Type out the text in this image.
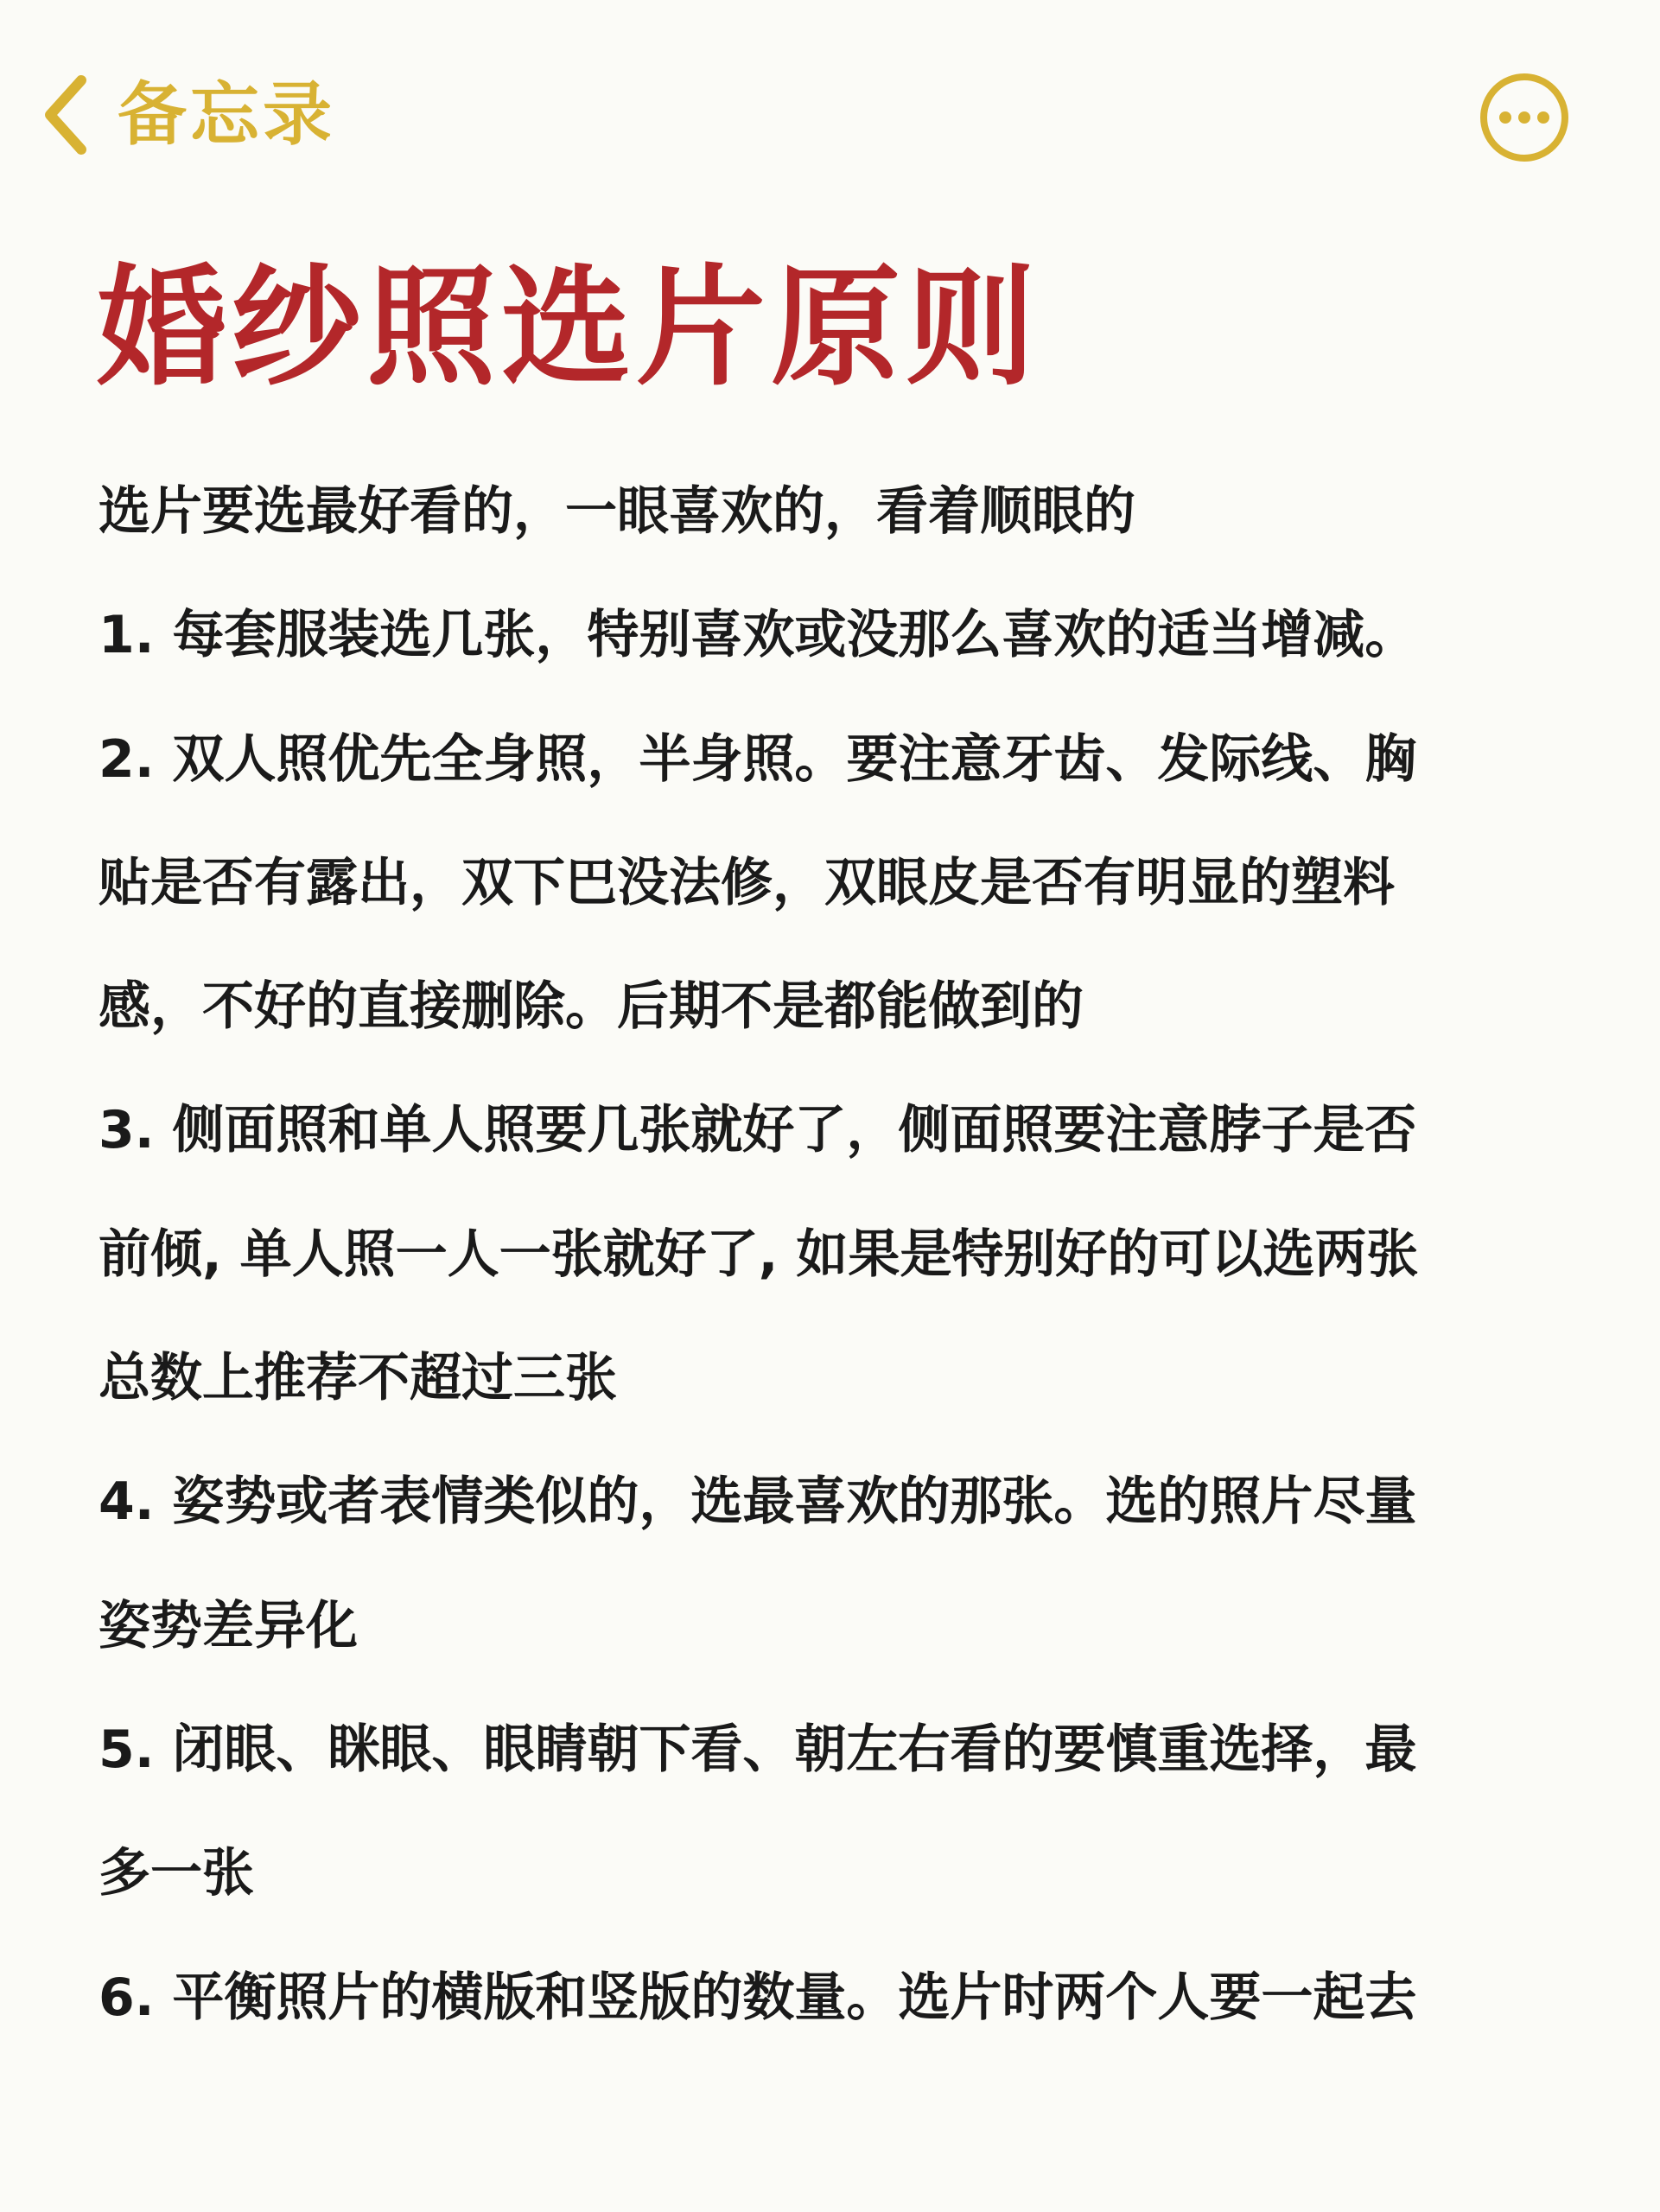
备忘录
婚纱照选片原则
选片要选最好看的，一眼喜欢的，看着顺眼的
1. 每套服装选几张，特别喜欢或没那么喜欢的适当增减。
2. 双人照优先全身照，半身照。要注意牙齿、发际线、胸
贴是否有露出，双下巴没法修，双眼皮是否有明显的塑料
感，不好的直接删除。后期不是都能做到的
3. 侧面照和单人照要几张就好了，侧面照要注意脖子是否
前倾, 单人照一人一张就好了, 如果是特别好的可以选两张
总数上推荐不超过三张
4. 姿势或者表情类似的，选最喜欢的那张。选的照片尽量
姿势差异化
5. 闭眼、眯眼、眼睛朝下看、朝左右看的要慎重选择，最
多一张
6. 平衡照片的横版和竖版的数量。选片时两个人要一起去
